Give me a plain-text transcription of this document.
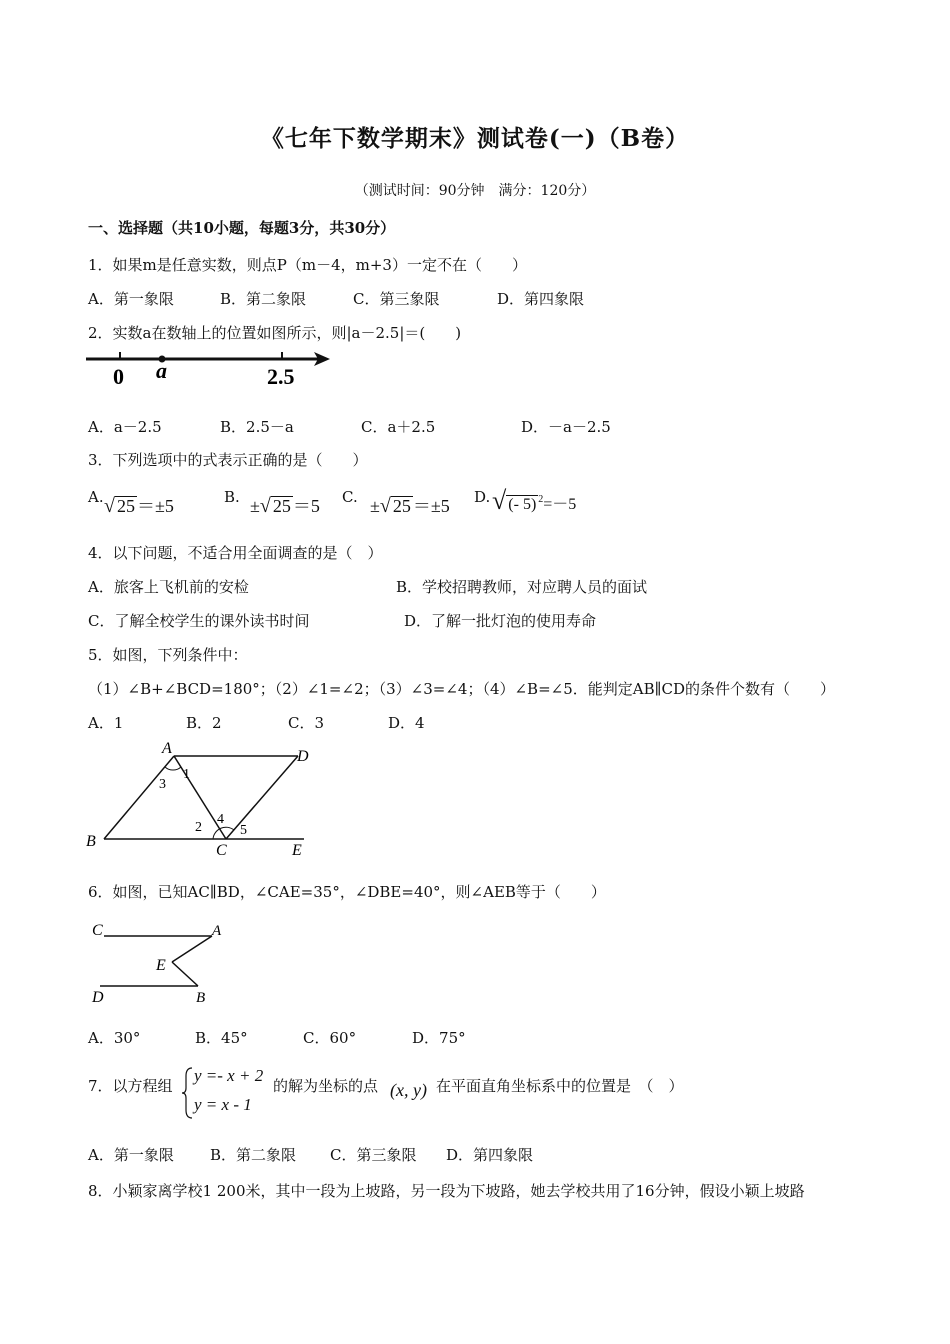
《七年下数学期末》测试卷(一)（B卷）
（测试时间：90分钟　满分：120分）
一、选择题（共10小题，每题3分，共30分）
1．如果m是任意实数，则点P（m－4，m+3）一定不在（　　）
A．第一象限	B．第二象限	C．第三象限	D．第四象限
2．实数a在数轴上的位置如图所示，则|a－2.5|＝(　　)
0 a	2.5
A．a－2.5	B．2.5－a	C．a＋2.5	D．－a－2.5
3．下列选项中的式表示正确的是（　　）
A. √ 25 ＝±5	B. ±√ 25 ＝5 C. ±√ 25 ＝±5 D. √ (- 5) $^2$=－5
4．以下问题，不适合用全面调查的是（　）
A．旅客上飞机前的安检	B．学校招聘教师，对应聘人员的面试
C．了解全校学生的课外读书时间	D．了解一批灯泡的使用寿命
5．如图，下列条件中：
（1）∠B+∠BCD=180°；（2）∠1=∠2；（3）∠3=∠4；（4）∠B=∠5．能判定AB∥CD的条件个数有（　　）
A．1	B．2	C．3	D．4
A	D
1
3
4
2	5
B
C	E
6．如图，已知AC∥BD，∠CAE=35°，∠DBE=40°，则∠AEB等于（　　）
C	A
E
D	B
A．30°	B．45°	C．60°	D．75°
7．以方程组
y =- x + 2
y = x - 1
的解为坐标的点 (x, y) 在平面直角坐标系中的位置是　（　）
A．第一象限 B．第二象限 C．第三象限 D．第四象限
8．小颖家离学校1 200米，其中一段为上坡路，另一段为下坡路，她去学校共用了16分钟，假设小颖上坡路
